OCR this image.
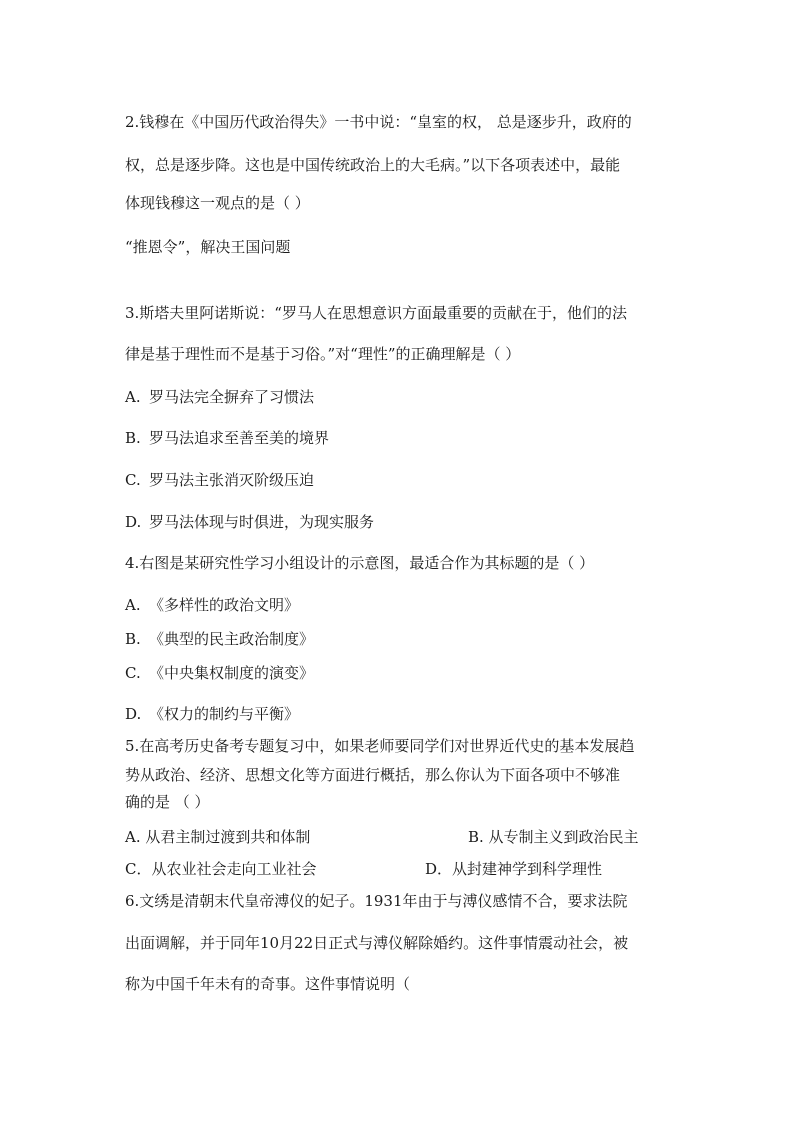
2.钱穆在《中国历代政治得失》一书中说：“皇室的权， 总是逐步升，政府的
权，总是逐步降。这也是中国传统政治上的大毛病。”以下各项表述中，最能
体现钱穆这一观点的是（ ）
“推恩令”，解决王国问题
3.斯塔夫里阿诺斯说：“罗马人在思想意识方面最重要的贡献在于，他们的法
律是基于理性而不是基于习俗。”对“理性”的正确理解是（ ）
A. 罗马法完全摒弃了习惯法
B. 罗马法追求至善至美的境界
C. 罗马法主张消灭阶级压迫
D. 罗马法体现与时俱进，为现实服务
4.右图是某研究性学习小组设计的示意图，最适合作为其标题的是（ ）
A. 《多样性的政治文明》
B. 《典型的民主政治制度》
C. 《中央集权制度的演变》
D. 《权力的制约与平衡》
5.在高考历史备考专题复习中，如果老师要同学们对世界近代史的基本发展趋
势从政治、经济、思想文化等方面进行概括，那么你认为下面各项中不够准
确的是 （ ）
A. 从君主制过渡到共和体制	B. 从专制主义到政治民主
C．从农业社会走向工业社会	D．从封建神学到科学理性
6.文绣是清朝末代皇帝溥仪的妃子。1931年由于与溥仪感情不合，要求法院
出面调解，并于同年10月22日正式与溥仪解除婚约。这件事情震动社会，被
称为中国千年未有的奇事。这件事情说明（
